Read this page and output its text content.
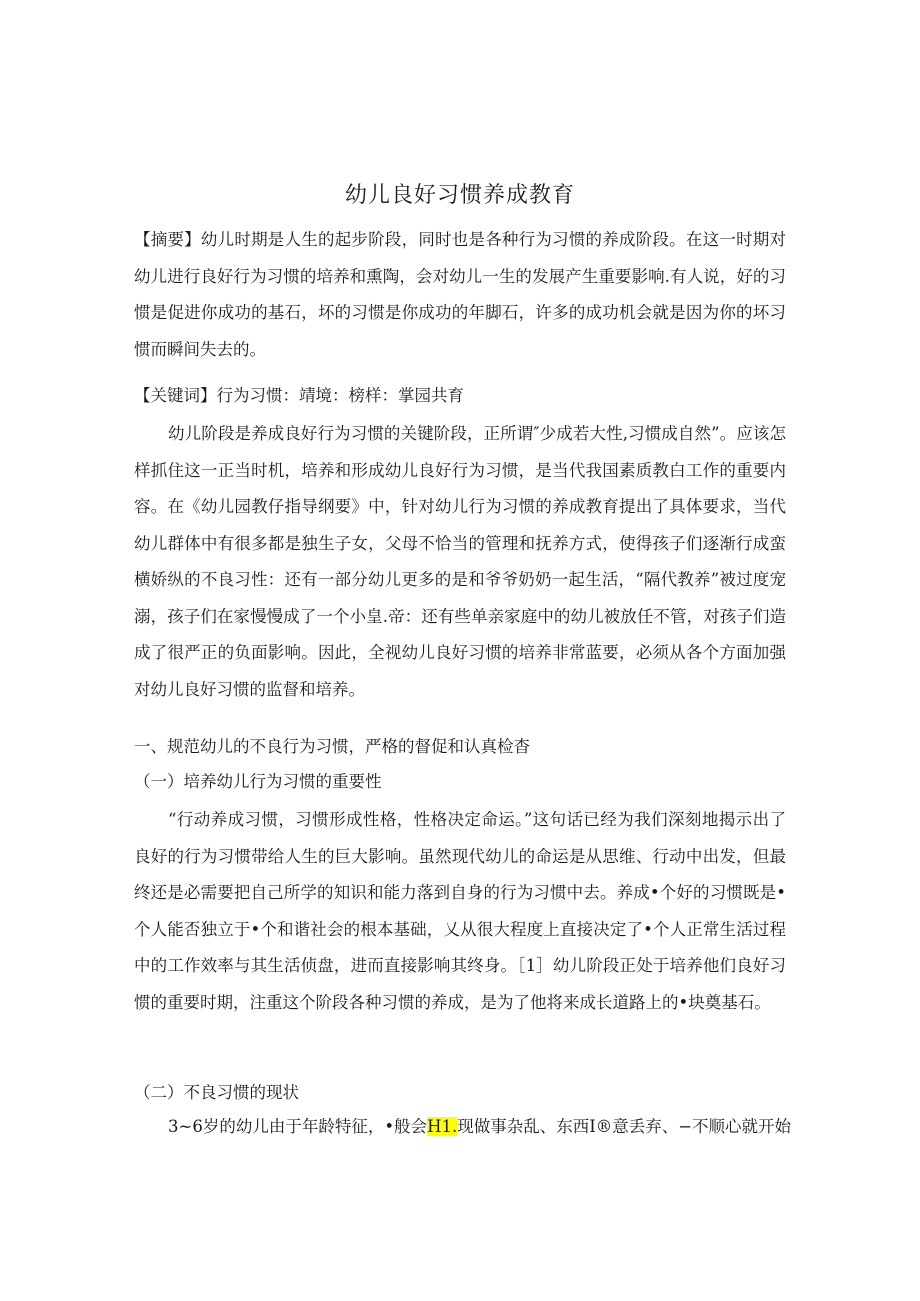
幼儿良好习惯养成教育

【摘要】幼儿时期是人生的起步阶段，同时也是各种行为习惯的养成阶段。在这一时期对幼儿进行良好行为习惯的培养和熏陶，会对幼儿一生的发展产生重要影响.有人说，好的习惯是促进你成功的基石，坏的习惯是你成功的年脚石，许多的成功机会就是因为你的坏习惯而瞬间失去的。

【关键词】行为习惯：靖境：榜样：掌园共育

幼儿阶段是养成良好行为习惯的关键阶段，正所谓″少成若大性,习惯成自然”。应该怎样抓住这一正当时机，培养和形成幼儿良好行为习惯，是当代我国素质教白工作的重要内容。在《幼儿园教仔指导纲要》中，针对幼儿行为习惯的养成教育提出了具体要求，当代幼儿群体中有很多都是独生子女，父母不恰当的管理和抚养方式，使得孩子们逐渐行成蛮横娇纵的不良习性：还有一部分幼儿更多的是和爷爷奶奶一起生活，“隔代教养”被过度宠溺，孩子们在家慢慢成了一个小皇.帝：还有些单亲家庭中的幼儿被放任不管，对孩子们造成了很严正的负面影响。因此，全视幼儿良好习惯的培养非常蓝要，必须从各个方面加强对幼儿良好习惯的监督和培养。

一、规范幼儿的不良行为习惯，严格的督促和认真检杳
（一）培养幼儿行为习惯的重要性

“行动养成习惯，习惯形成性格，性格决定命运。”这句话已经为我们深刻地揭示出了良好的行为习惯带给人生的巨大影响。虽然现代幼儿的命运是从思维、行动中出发，但最终还是必需要把自己所学的知识和能力落到自身的行为习惯中去。养成•个好的习惯既是•个人能否独立于•个和谐社会的根本基础，乂从很大程度上直接决定了•个人正常生活过程中的工作效率与其生活侦盘，进而直接影响其终身。［1］幼儿阶段正处于培养他们良好习惯的重要时期，注重这个阶段各种习惯的养成，是为了他将来成长道路上的•块奠基石。

（二）不良习惯的现状
3~6岁的幼儿由于年龄特征，•般会H1.现做事杂乱、东西I®意丢弃、−不顺心就开始
